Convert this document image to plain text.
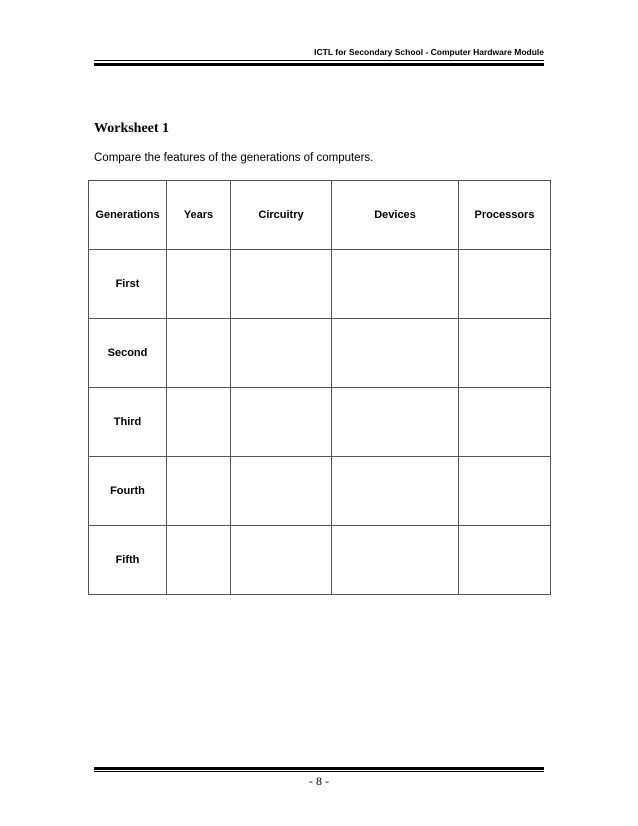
ICTL for Secondary School - Computer Hardware Module
Worksheet 1
Compare the features of the generations of computers.
Generations	Years	Circuitry	Devices	Processors
First				
Second				
Third				
Fourth				
Fifth				
- 8 -
